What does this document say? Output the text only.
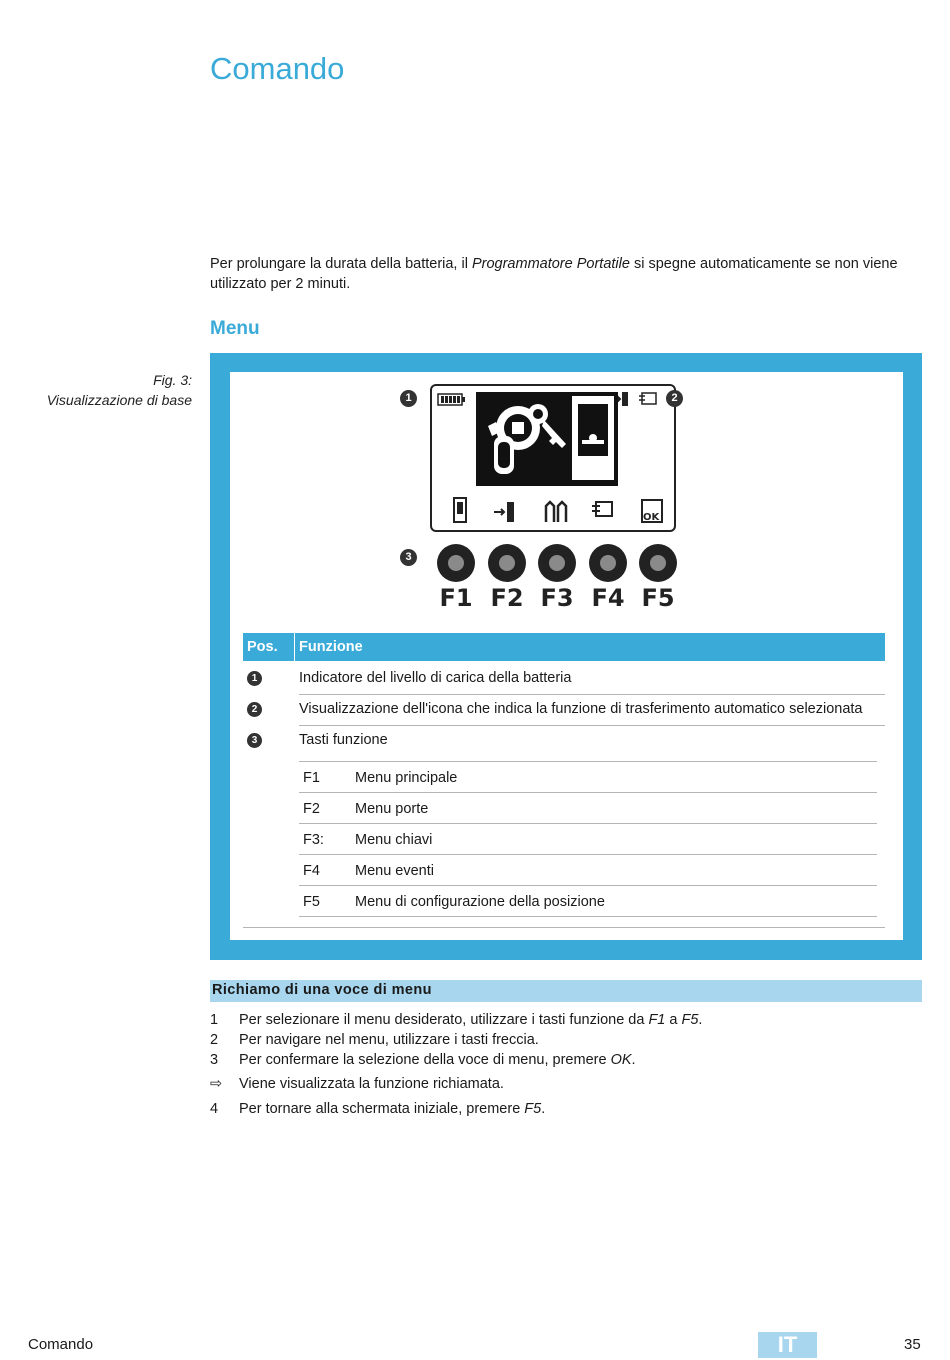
Comando
Per prolungare la durata della batteria, il Programmatore Portatile si spegne automaticamente se non viene utilizzato per 2 minuti.
Menu
Fig. 3:
Visualizzazione di base
OK
1	2
3
F1 F2 F3 F4 F5
Pos. Funzione
1	Indicatore del livello di carica della batteria
2	Visualizzazione dell'icona che indica la funzione di trasferimento automatico selezionata
3	Tasti funzione
F1 Menu principale
F2 Menu porte
F3: Menu chiavi
F4 Menu eventi
F5 Menu di configurazione della posizione
Richiamo di una voce di menu
1	Per selezionare il menu desiderato, utilizzare i tasti funzione da F1 a F5.
2	Per navigare nel menu, utilizzare i tasti freccia.
3	Per confermare la selezione della voce di menu, premere OK.
⇨	Viene visualizzata la funzione richiamata.
4	Per tornare alla schermata iniziale, premere F5.
Comando	IT	35
